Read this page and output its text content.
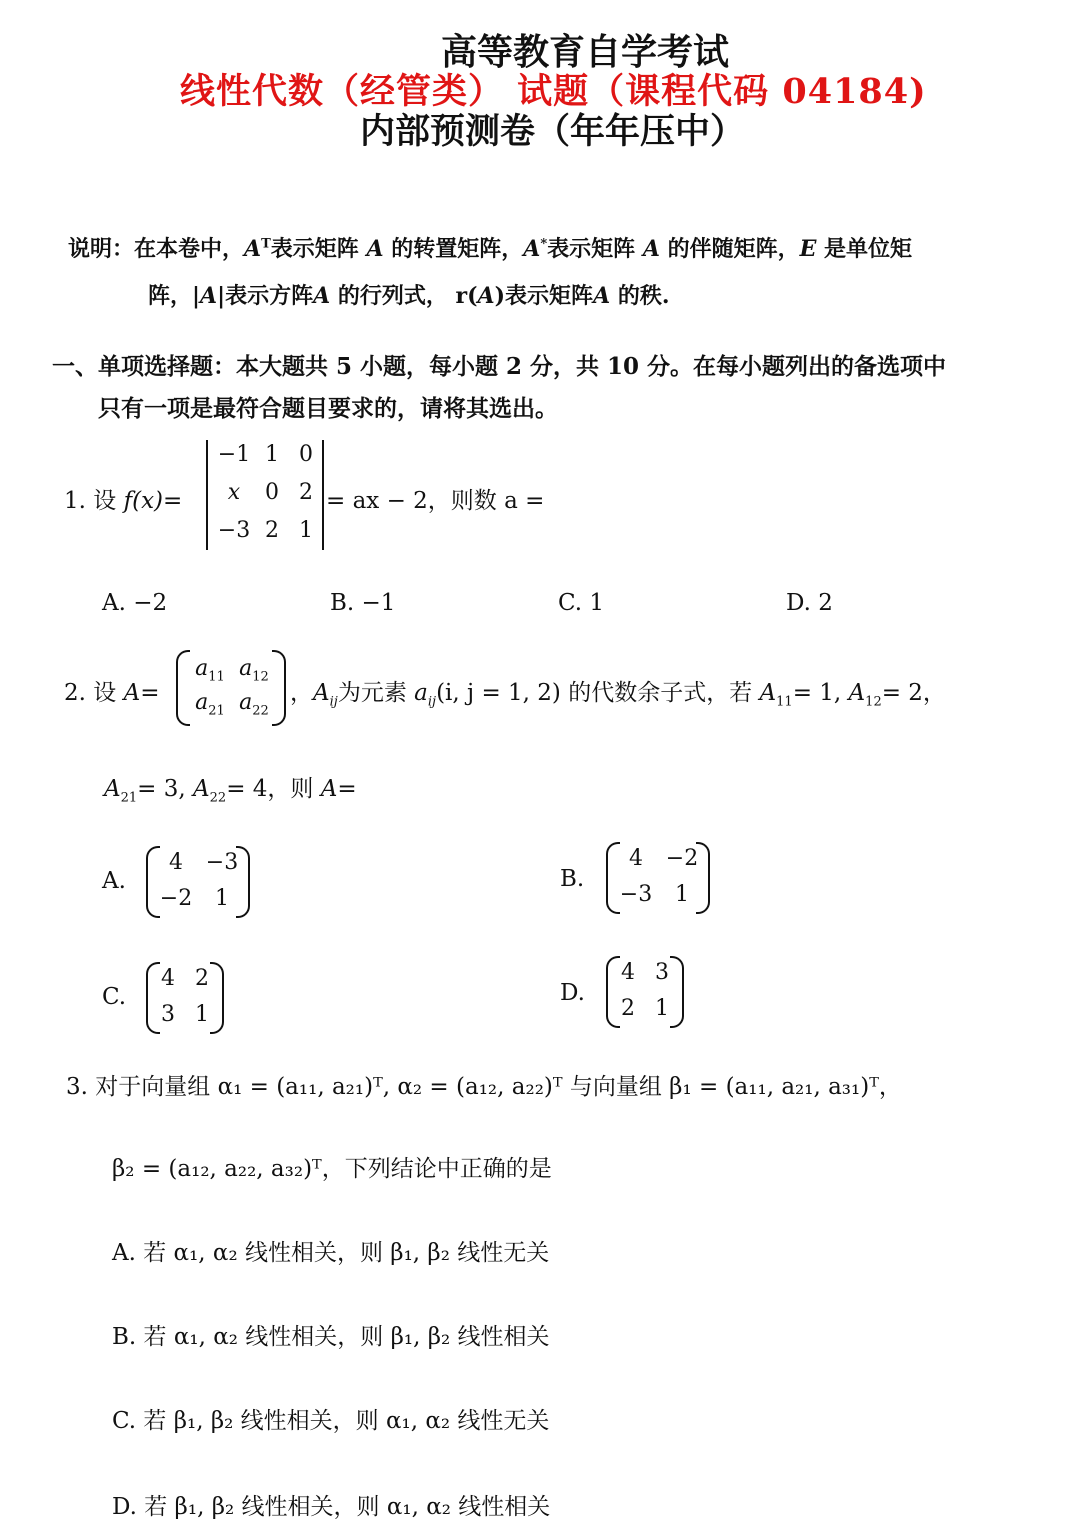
高等教育自学考试
线性代数（经管类） 试题（课程代码 04184)
内部预测卷（年年压中）
说明：在本卷中，$A^T$表示矩阵 A 的转置矩阵，A*表示矩阵 A 的伴随矩阵，E 是单位矩
阵，|A|表示方阵A 的行列式， r(A)表示矩阵A 的秩.
一、单项选择题：本大题共 5 小题，每小题 2 分，共 10 分。在每小题列出的备选项中
只有一项是最符合题目要求的，请将其选出。
1. 设 f(x)=
−1 1 0
x	0 2
−3 2 1
= ax − 2，则数 a =
A. −2	B. −1	C. 1	D. 2
2. 设 A=
$a_{11}$ $a_{12}$
$a_{21}$ $a_{22}$
，$A_{ij}$为元素 $a_{ij}(i$, j = 1, 2) 的代数余子式，若 $A_{11}= 1$, $A_{12}= 2$，
$A_{21}= 3$, $A_{22}= 4$，则 A=
A.
4	−3
−2	1
B.
4	−2
−3	1
C.
4 2
3 1
D.
4 3
2 1
3. 对于向量组 α₁ = (a₁₁, a₂₁)ᵀ, α₂ = (a₁₂, a₂₂)ᵀ 与向量组 β₁ = (a₁₁, a₂₁, a₃₁)ᵀ，
β₂ = (a₁₂, a₂₂, a₃₂)ᵀ，下列结论中正确的是
A. 若 α₁, α₂ 线性相关，则 β₁, β₂ 线性无关
B. 若 α₁, α₂ 线性相关，则 β₁, β₂ 线性相关
C. 若 β₁, β₂ 线性相关，则 α₁, α₂ 线性无关
D. 若 β₁, β₂ 线性相关，则 α₁, α₂ 线性相关
